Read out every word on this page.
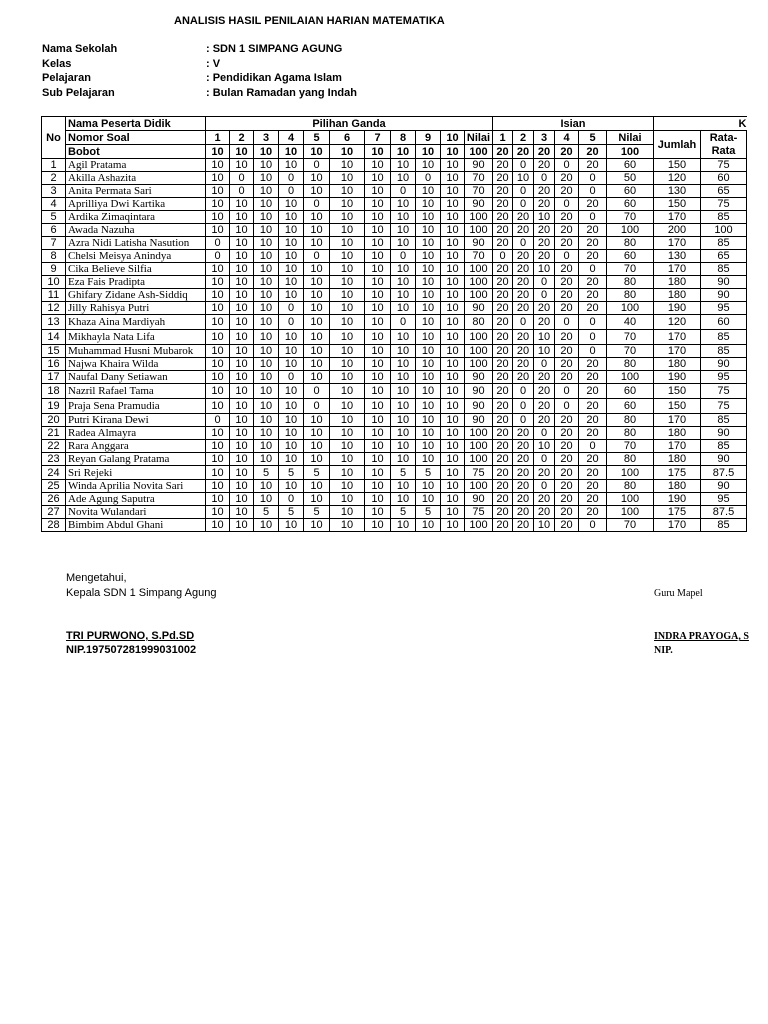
ANALISIS HASIL PENILAIAN HARIAN MATEMATIKA
Nama Sekolah	: SDN 1 SIMPANG AGUNG
Kelas	: V
Pelajaran	: Pendidikan Agama Islam
Sub Pelajaran	: Bulan Ramadan yang Indah
No	Nama Peserta Didik	Pilihan Ganda											Isian						K	
	Nomor Soal	1	2	3	4	5	6	7	8	9	10	Nilai	1	2	3	4	5	Nilai	Jumlah	Rata-Rata
	Bobot	10	10	10	10	10	10	10	10	10	10	100	20	20	20	20	20	100		
1	Agil Pratama	10	10	10	10	0	10	10	10	10	10	90	20	0	20	0	20	60	150	75
2	Akilla Ashazita	10	0	10	0	10	10	10	10	0	10	70	20	10	0	20	0	50	120	60
3	Anita Permata Sari	10	0	10	0	10	10	10	0	10	10	70	20	0	20	20	0	60	130	65
4	Aprilliya Dwi Kartika	10	10	10	10	0	10	10	10	10	10	90	20	0	20	0	20	60	150	75
5	Ardika Zimaqintara	10	10	10	10	10	10	10	10	10	10	100	20	20	10	20	0	70	170	85
6	Awada Nazuha	10	10	10	10	10	10	10	10	10	10	100	20	20	20	20	20	100	200	100
7	Azra Nidi Latisha Nasution	0	10	10	10	10	10	10	10	10	10	90	20	0	20	20	20	80	170	85
8	Chelsi Meisya Anindya	0	10	10	10	0	10	10	0	10	10	70	0	20	20	0	20	60	130	65
9	Cika Believe Silfia	10	10	10	10	10	10	10	10	10	10	100	20	20	10	20	0	70	170	85
10	Eza Fais Pradipta	10	10	10	10	10	10	10	10	10	10	100	20	20	0	20	20	80	180	90
11	Ghifary Zidane Ash-Siddiq	10	10	10	10	10	10	10	10	10	10	100	20	20	0	20	20	80	180	90
12	Jilly Rahisya Putri	10	10	10	0	10	10	10	10	10	10	90	20	20	20	20	20	100	190	95
13	Khaza Aina Mardiyah	10	10	10	0	10	10	10	0	10	10	80	20	0	20	0	0	40	120	60
14	Mikhayla Nata Lifa	10	10	10	10	10	10	10	10	10	10	100	20	20	10	20	0	70	170	85
15	Muhammad Husni Mubarok	10	10	10	10	10	10	10	10	10	10	100	20	20	10	20	0	70	170	85
16	Najwa Khaira Wilda	10	10	10	10	10	10	10	10	10	10	100	20	20	0	20	20	80	180	90
17	Naufal Dany Setiawan	10	10	10	0	10	10	10	10	10	10	90	20	20	20	20	20	100	190	95
18	Nazril Rafael Tama	10	10	10	10	0	10	10	10	10	10	90	20	0	20	0	20	60	150	75
19	Praja Sena Pramudia	10	10	10	10	0	10	10	10	10	10	90	20	0	20	0	20	60	150	75
20	Putri Kirana Dewi	0	10	10	10	10	10	10	10	10	10	90	20	0	20	20	20	80	170	85
21	Radea Almayra	10	10	10	10	10	10	10	10	10	10	100	20	20	0	20	20	80	180	90
22	Rara Anggara	10	10	10	10	10	10	10	10	10	10	100	20	20	10	20	0	70	170	85
23	Reyan Galang Pratama	10	10	10	10	10	10	10	10	10	10	100	20	20	0	20	20	80	180	90
24	Sri Rejeki	10	10	5	5	5	10	10	5	5	10	75	20	20	20	20	20	100	175	87.5
25	Winda Aprilia Novita Sari	10	10	10	10	10	10	10	10	10	10	100	20	20	0	20	20	80	180	90
26	Ade Agung Saputra	10	10	10	0	10	10	10	10	10	10	90	20	20	20	20	20	100	190	95
27	Novita Wulandari	10	10	5	5	5	10	10	5	5	10	75	20	20	20	20	20	100	175	87.5
28	Bimbim Abdul Ghani	10	10	10	10	10	10	10	10	10	10	100	20	20	10	20	0	70	170	85
Mengetahui,
Kepala SDN 1 Simpang Agung	Guru Mapel
TRI PURWONO, S.Pd.SD
NIP.197507281999031002
INDRA PRAYOGA, S
NIP.
